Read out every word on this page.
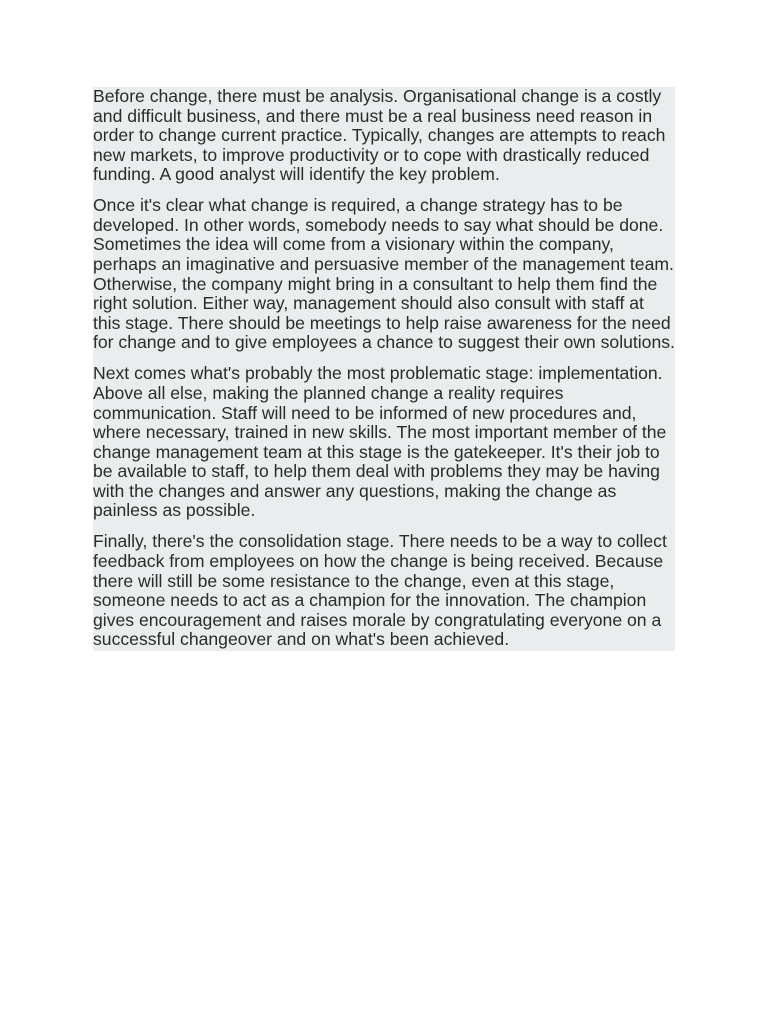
Before change, there must be analysis. Organisational change is a costly and difficult business, and there must be a real business need reason in order to change current practice. Typically, changes are attempts to reach new markets, to improve productivity or to cope with drastically reduced funding. A good analyst will identify the key problem.

Once it's clear what change is required, a change strategy has to be developed. In other words, somebody needs to say what should be done. Sometimes the idea will come from a visionary within the company, perhaps an imaginative and persuasive member of the management team. Otherwise, the company might bring in a consultant to help them find the right solution. Either way, management should also consult with staff at this stage. There should be meetings to help raise awareness for the need for change and to give employees a chance to suggest their own solutions.

Next comes what's probably the most problematic stage: implementation. Above all else, making the planned change a reality requires communication. Staff will need to be informed of new procedures and, where necessary, trained in new skills. The most important member of the change management team at this stage is the gatekeeper. It's their job to be available to staff, to help them deal with problems they may be having with the changes and answer any questions, making the change as painless as possible.

Finally, there's the consolidation stage. There needs to be a way to collect feedback from employees on how the change is being received. Because there will still be some resistance to the change, even at this stage, someone needs to act as a champion for the innovation. The champion gives encouragement and raises morale by congratulating everyone on a successful changeover and on what's been achieved.
